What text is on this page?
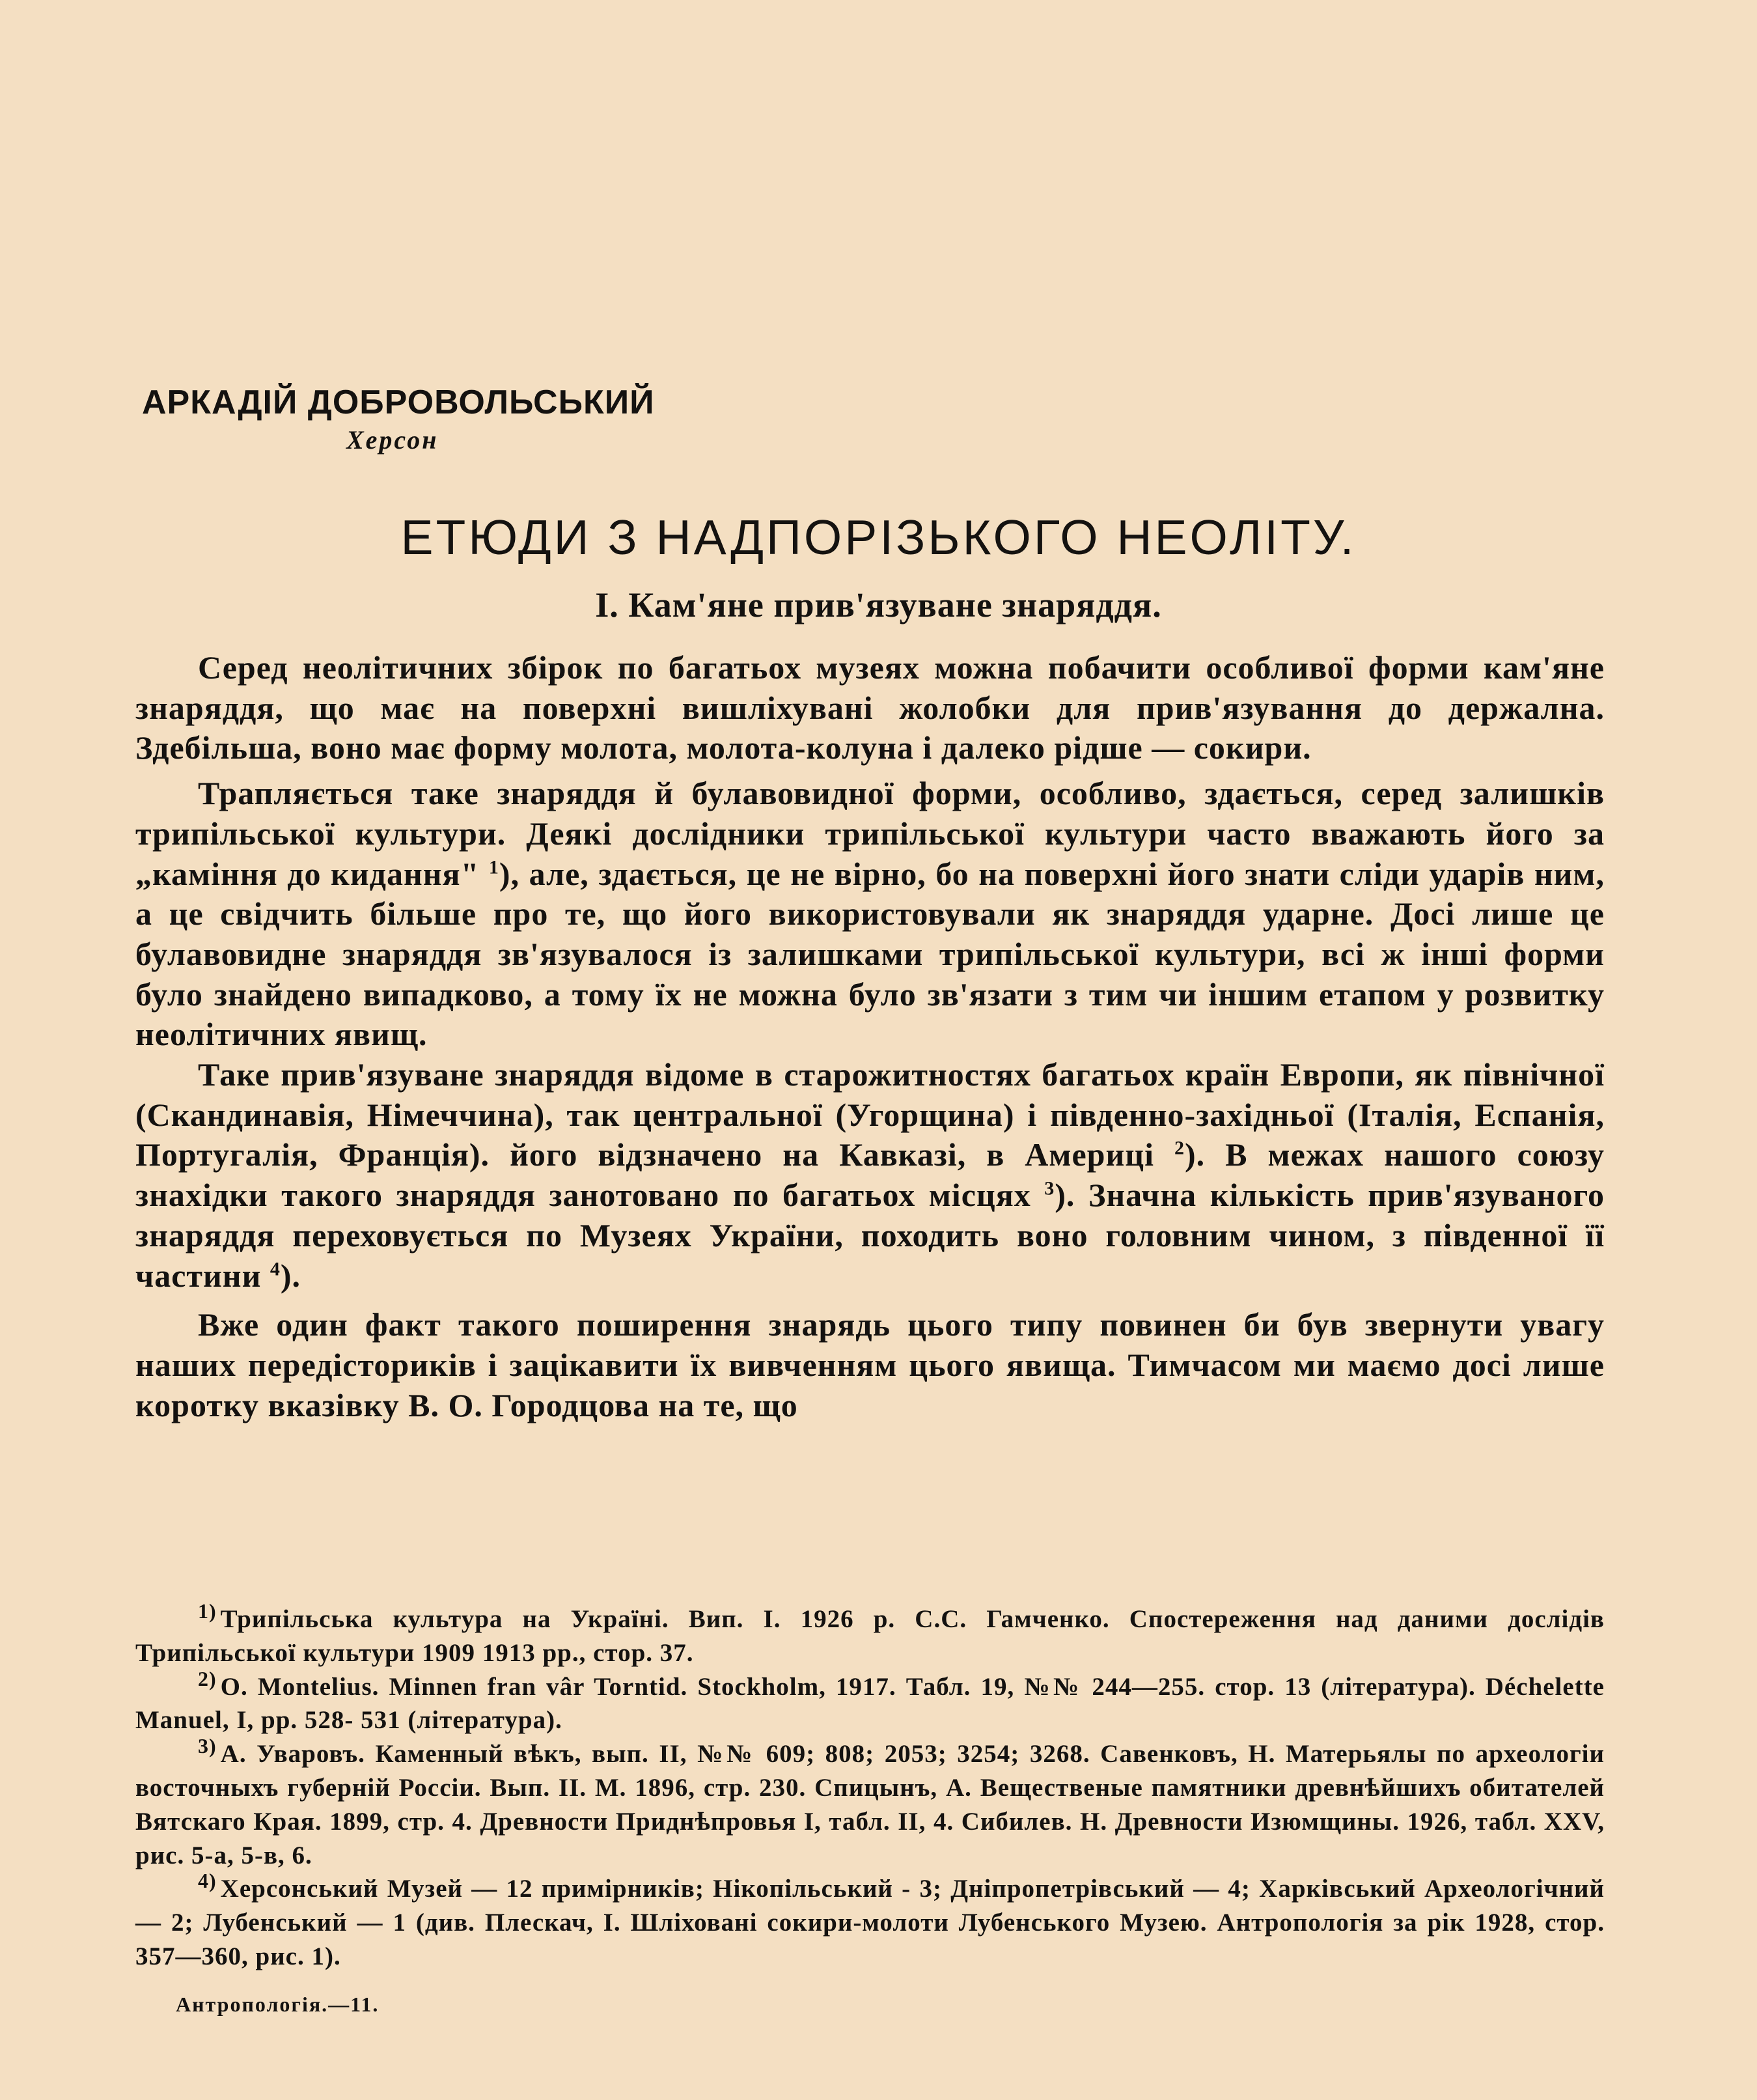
АРКАДІЙ ДОБРОВОЛЬСЬКИЙ
Херсон
ЕТЮДИ З НАДПОРІЗЬКОГО НЕОЛІТУ.
I. Кам'яне прив'язуване знаряддя.

Серед неолітичних збірок по багатьох музеях можна побачити особливої форми кам'яне знаряддя, що має на поверхні вишліхувані жолобки для прив'язування до держална. Здебільша, воно має форму молота, молота-колуна і далеко рідше — сокири.

Трапляється таке знаряддя й булавовидної форми, особливо, здається, серед залишків трипільської культури. Деякі дослідники трипільської культури часто вважають його за „каміння до кидання" $^1$), але, здається, це не вірно, бо на поверхні його знати сліди ударів ним, а це свідчить більше про те, що його використовували як знаряддя ударне. Досі лише це булавовидне знаряддя зв'язувалося із залишками трипільської культури, всі ж інші форми було знайдено випадково, а тому їх не можна було зв'язати з тим чи іншим етапом у розвитку неолітичних явищ.

Таке прив'язуване знаряддя відоме в старожитностях багатьох країн Европи, як північної (Скандинавія, Німеччина), так центральної (Угорщина) і південно-західньої (Італія, Еспанія, Португалія, Франція). його відзначено на Кавказі, в Америці $^2$). В межах нашого союзу знахідки такого знаряддя занотовано по багатьох місцях $^3$). Значна кількість прив'язуваного знаряддя переховується по Музеях України, походить воно головним чином, з південної її частини $^4$).

Вже один факт такого поширення знарядь цього типу повинен би був звернути увагу наших передісториків і зацікавити їх вивченням цього явища. Тимчасом ми маємо досі лише коротку вказівку В. О. Городцова на те, що

$^{1)}$ Трипільська культура на Україні. Вип. I. 1926 р. С.С. Гамченко. Спостереження над даними дослідів Трипільської культури 1909 1913 рр., стор. 37.

$^{2)}$ О. Montelius. Minnen fran vâr Torntid. Stockholm, 1917. Табл. 19, №№ 244—255. стор. 13 (література). Déchelette Manuel, I, pp. 528- 531 (література).

$^{3)}$ А. Уваровъ. Каменный вѣкъ, вып. II, №№ 609; 808; 2053; 3254; 3268. Савенковъ, Н. Матерьялы по археологіи восточныхъ губерній Россіи. Вып. II. М. 1896, стр. 230. Спицынъ, А. Вещественые памятники древнѣйшихъ обитателей Вятскаго Края. 1899, стр. 4. Древности Приднѣпровья I, табл. II, 4. Сибилев. Н. Древности Изюмщины. 1926, табл. XXV, рис. 5-а, 5-в, 6.

$^{4)}$ Херсонський Музей — 12 примірників; Нікопільський - 3; Дніпропетрівський — 4; Харківський Археологічний — 2; Лубенський — 1 (див. Плескач, I. Шліховані сокири-молоти Лубенського Музею. Антропологія за рік 1928, стор. 357—360, рис. 1).

Антропологія.—11.
